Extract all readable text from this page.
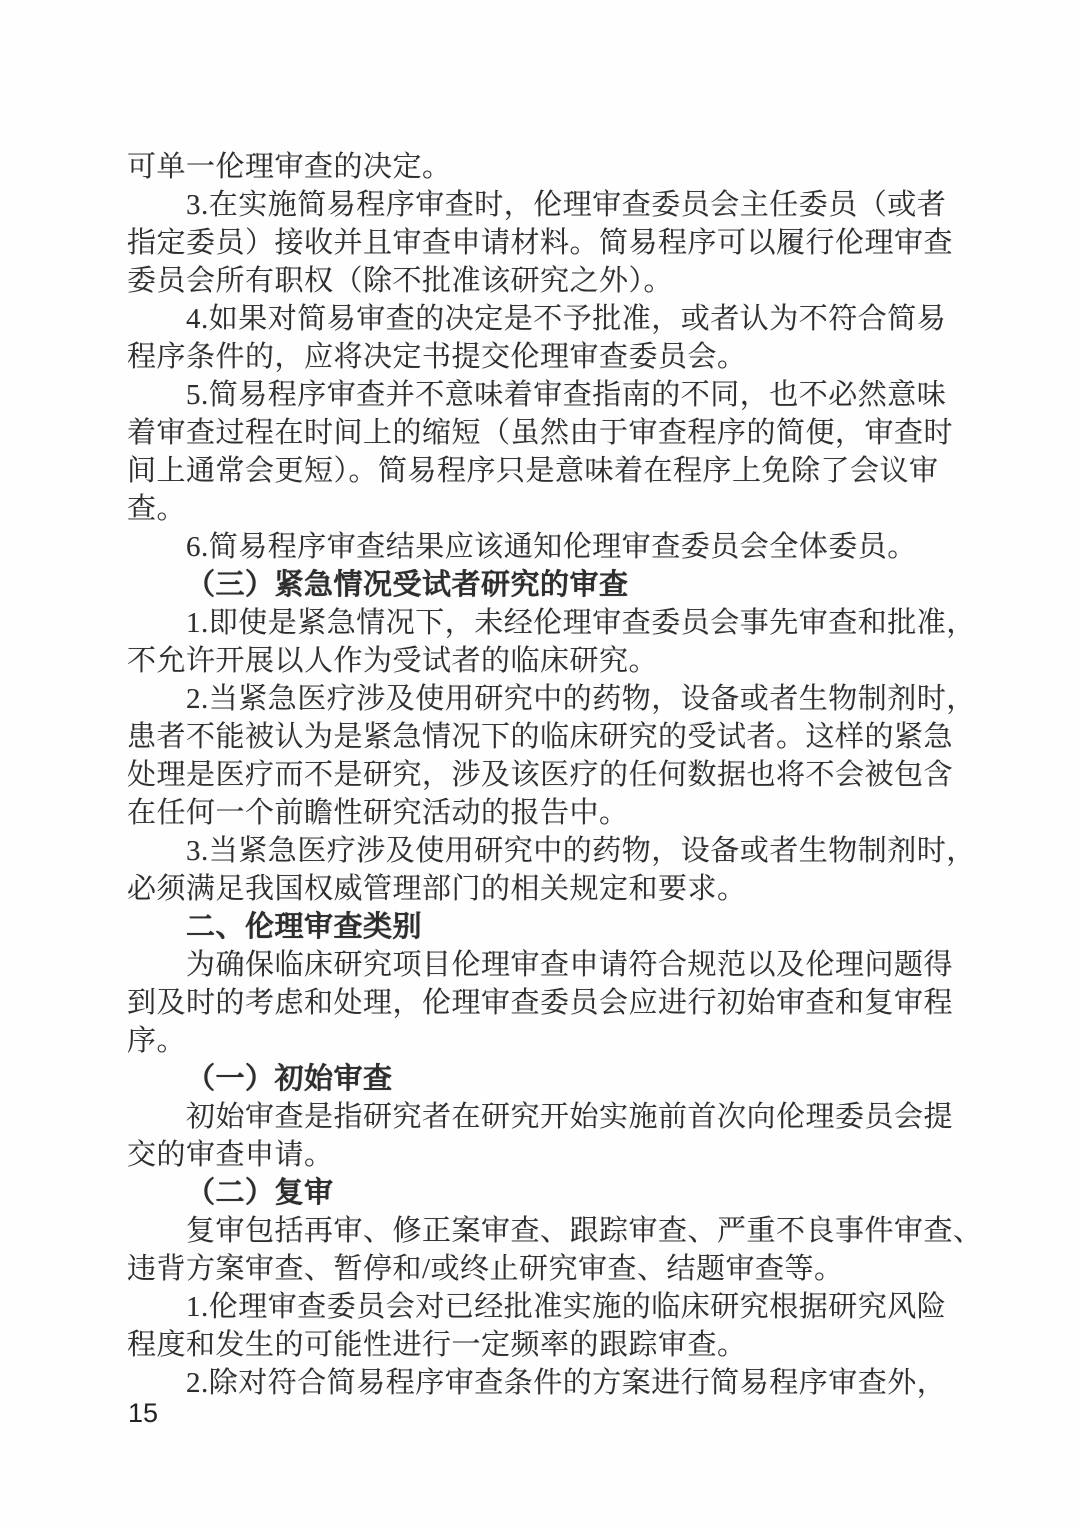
可单一伦理审查的决定。
3.在实施简易程序审查时，伦理审查委员会主任委员（或者
指定委员）接收并且审查申请材料。简易程序可以履行伦理审查
委员会所有职权（除不批准该研究之外）。
4.如果对简易审查的决定是不予批准，或者认为不符合简易
程序条件的，应将决定书提交伦理审查委员会。
5.简易程序审查并不意味着审查指南的不同，也不必然意味
着审查过程在时间上的缩短（虽然由于审查程序的简便，审查时
间上通常会更短）。简易程序只是意味着在程序上免除了会议审
查。
6.简易程序审查结果应该通知伦理审查委员会全体委员。
（三）紧急情况受试者研究的审查
1.即使是紧急情况下，未经伦理审查委员会事先审查和批准，
不允许开展以人作为受试者的临床研究。
2.当紧急医疗涉及使用研究中的药物，设备或者生物制剂时，
患者不能被认为是紧急情况下的临床研究的受试者。这样的紧急
处理是医疗而不是研究，涉及该医疗的任何数据也将不会被包含
在任何一个前瞻性研究活动的报告中。
3.当紧急医疗涉及使用研究中的药物，设备或者生物制剂时，
必须满足我国权威管理部门的相关规定和要求。
二、伦理审查类别
为确保临床研究项目伦理审查申请符合规范以及伦理问题得
到及时的考虑和处理，伦理审查委员会应进行初始审查和复审程
序。
（一）初始审查
初始审查是指研究者在研究开始实施前首次向伦理委员会提
交的审查申请。
（二）复审
复审包括再审、修正案审查、跟踪审查、严重不良事件审查、
违背方案审查、暂停和/或终止研究审查、结题审查等。
1.伦理审查委员会对已经批准实施的临床研究根据研究风险
程度和发生的可能性进行一定频率的跟踪审查。
2.除对符合简易程序审查条件的方案进行简易程序审查外，
15
